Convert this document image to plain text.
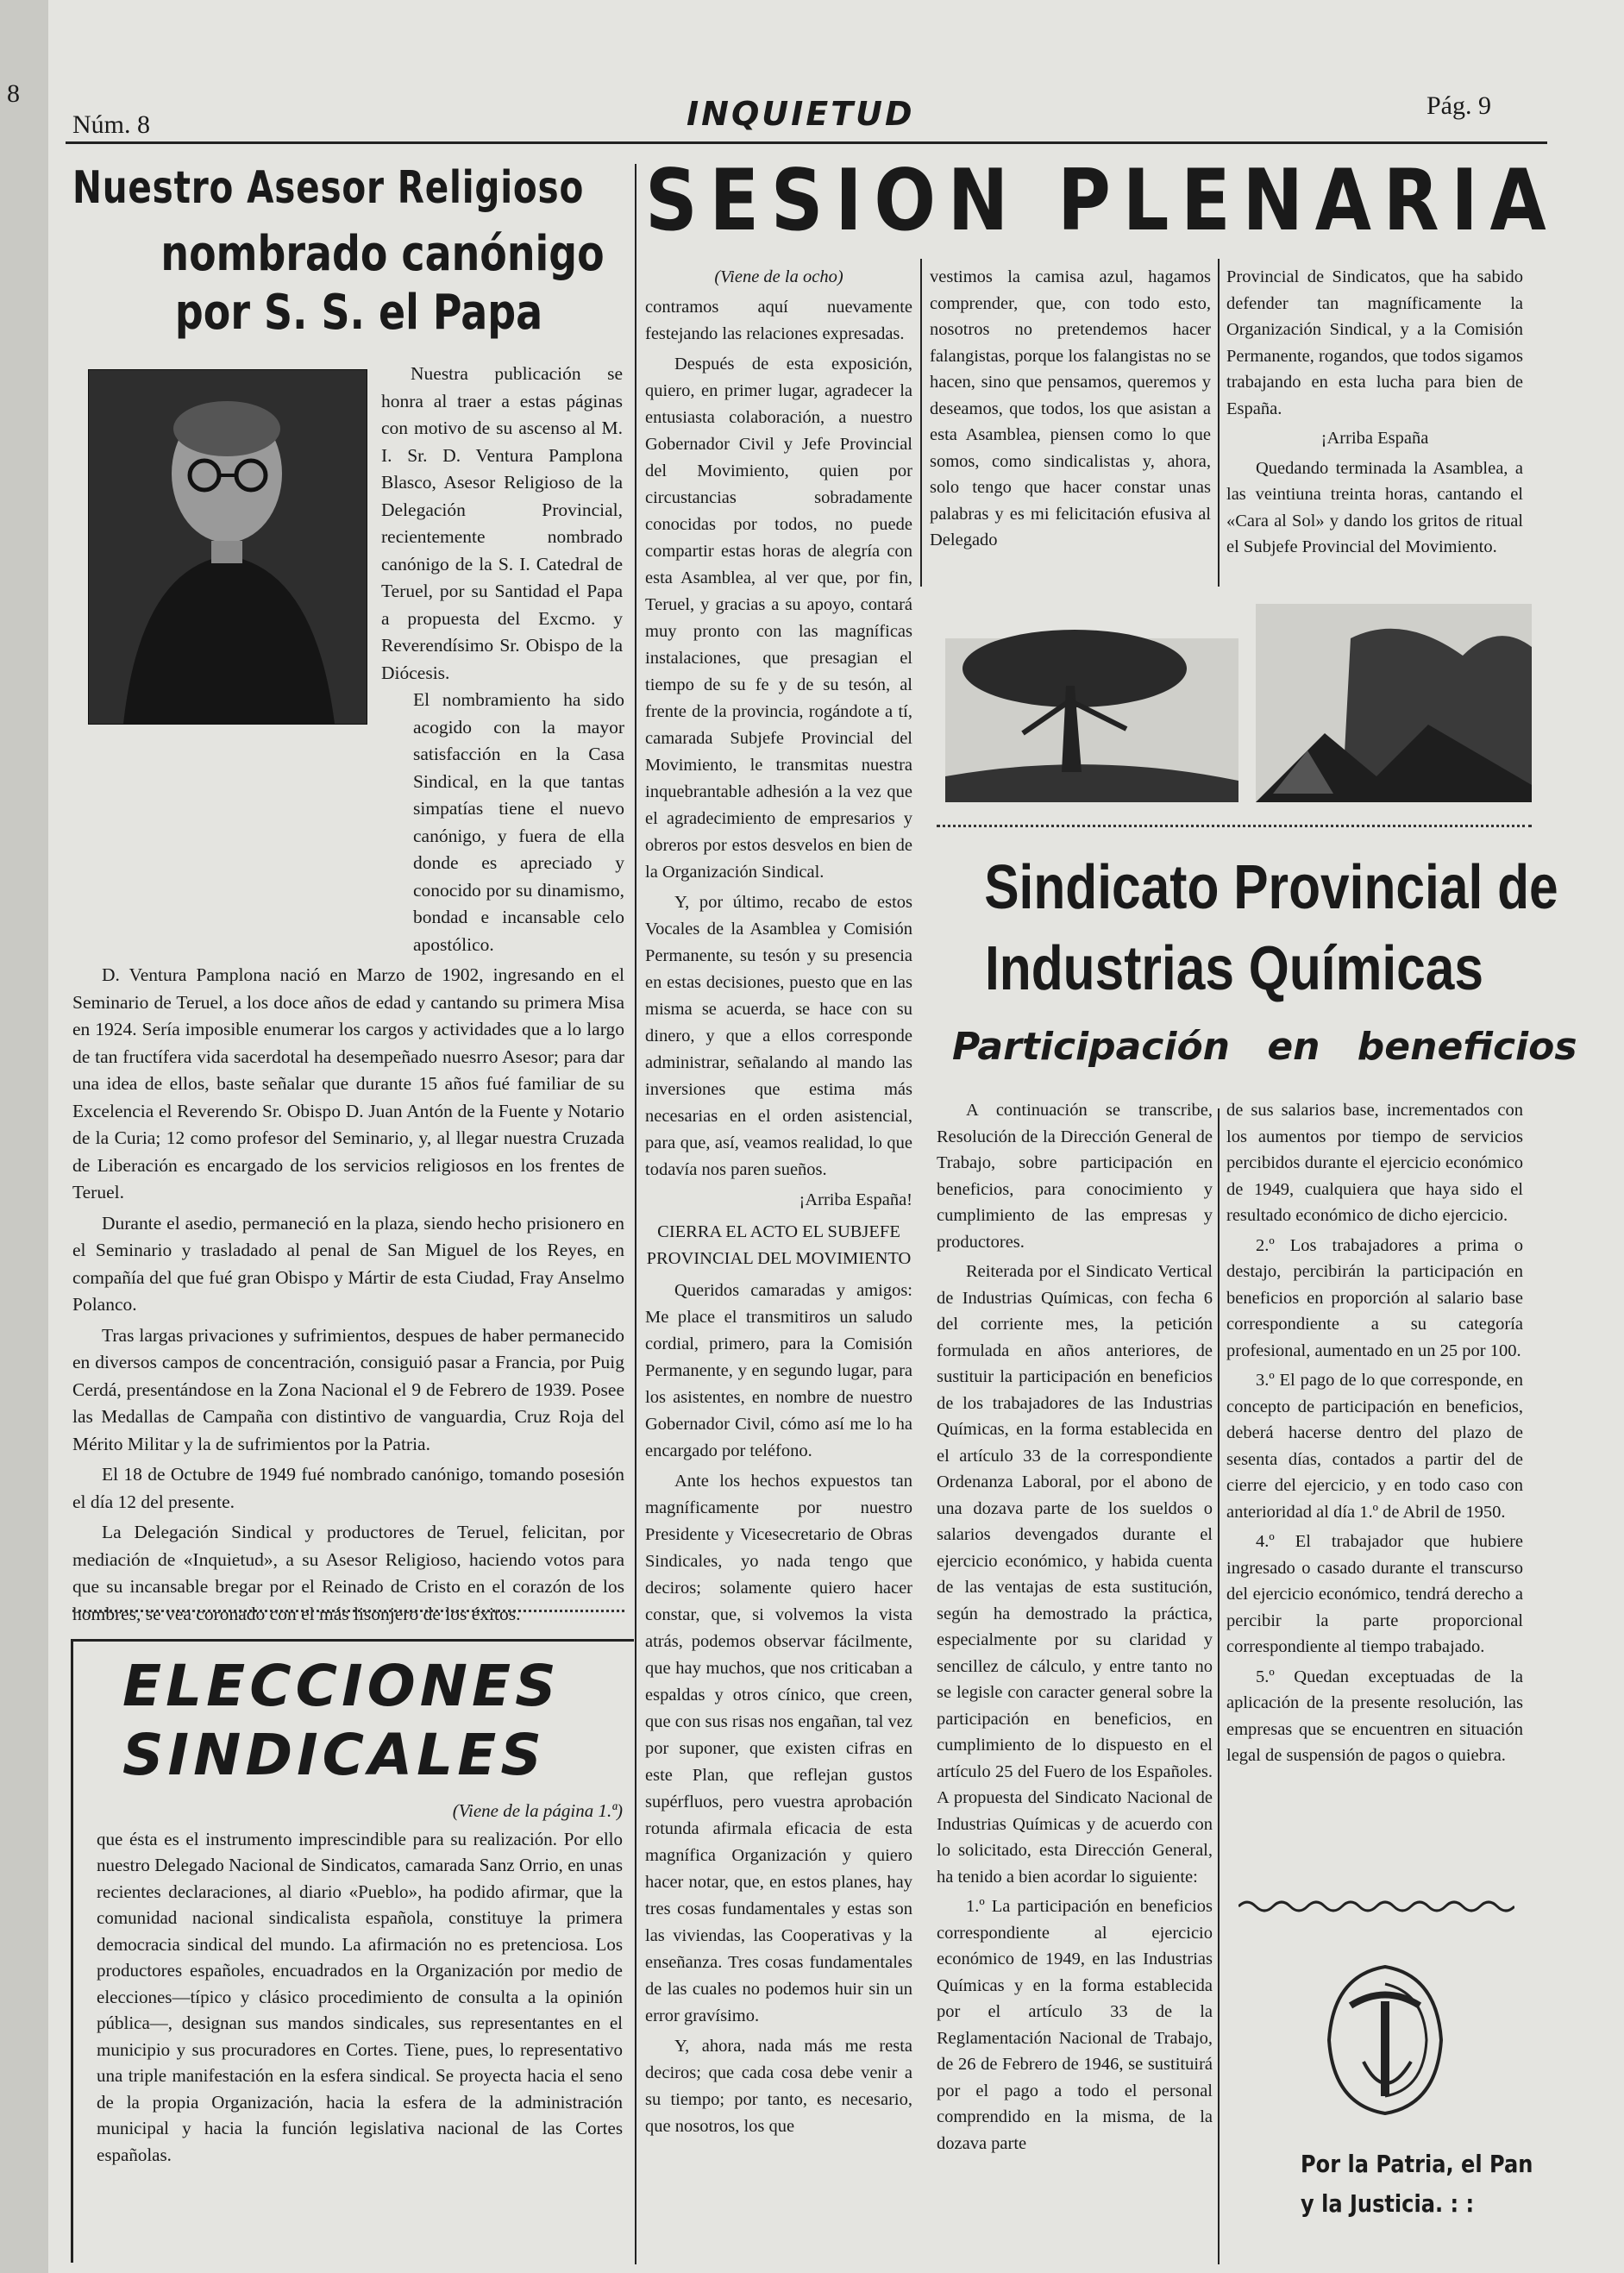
8
Núm. 8	INQUIETUD	Pág. 9
Nuestro Asesor Religioso
nombrado canónigo
por S. S. el Papa

Nuestra publicación se honra al traer a estas páginas con motivo de su ascenso al M. I. Sr. D. Ventura Pamplona Blasco, Asesor Religioso de la Delegación Provincial, recientemente nombrado canónigo de la S. I. Catedral de Teruel, por su Santidad el Papa a propuesta del Excmo. y Reverendísimo Sr. Obispo de la Diócesis.

El nombramiento ha sido acogido con la mayor satisfacción en la Casa Sindical, en la que tantas simpatías tiene el nuevo canónigo, y fuera de ella donde es apreciado y conocido por su dinamismo, bondad e incansable celo apostólico.

D. Ventura Pamplona nació en Marzo de 1902, ingresando en el Seminario de Teruel, a los doce años de edad y cantando su primera Misa en 1924. Sería imposible enumerar los cargos y actividades que a lo largo de tan fructífera vida sacerdotal ha desempeñado nuesrro Asesor; para dar una idea de ellos, baste señalar que durante 15 años fué familiar de su Excelencia el Reverendo Sr. Obispo D. Juan Antón de la Fuente y Notario de la Curia; 12 como profesor del Seminario, y, al llegar nuestra Cruzada de Liberación es encargado de los servicios religiosos en los frentes de Teruel.

Durante el asedio, permaneció en la plaza, siendo hecho prisionero en el Seminario y trasladado al penal de San Miguel de los Reyes, en compañía del que fué gran Obispo y Mártir de esta Ciudad, Fray Anselmo Polanco.

Tras largas privaciones y sufrimientos, despues de haber permanecido en diversos campos de concentración, consiguió pasar a Francia, por Puig Cerdá, presentándose en la Zona Nacional el 9 de Febrero de 1939. Posee las Medallas de Campaña con distintivo de vanguardia, Cruz Roja del Mérito Militar y la de sufrimientos por la Patria.

El 18 de Octubre de 1949 fué nombrado canónigo, tomando posesión el día 12 del presente.

La Delegación Sindical y productores de Teruel, felicitan, por mediación de «Inquietud», a su Asesor Religioso, haciendo votos para que su incansable bregar por el Reinado de Cristo en el corazón de los hombres, se vea coronado con el más lisonjero de los éxitos.

ELECCIONES
SINDICALES

(Viene de la página 1.ª)

que ésta es el instrumento imprescindible para su realización. Por ello nuestro Delegado Nacional de Sindicatos, camarada Sanz Orrio, en unas recientes declaraciones, al diario «Pueblo», ha podido afirmar, que la comunidad nacional sindicalista española, constituye la primera democracia sindical del mundo. La afirmación no es pretenciosa. Los productores españoles, encuadrados en la Organización por medio de elecciones—típico y clásico procedimiento de consulta a la opinión pública—, designan sus mandos sindicales, sus representantes en el municipio y sus procuradores en Cortes. Tiene, pues, lo representativo una triple manifestación en la esfera sindical. Se proyecta hacia el seno de la propia Organización, hacia la esfera de la administración municipal y hacia la función legislativa nacional de las Cortes españolas.

SESION PLENARIA

(Viene de la ocho)

contramos aquí nuevamente festejando las relaciones expresadas.

Después de esta exposición, quiero, en primer lugar, agradecer la entusiasta colaboración, a nuestro Gobernador Civil y Jefe Provincial del Movimiento, quien por circustancias sobradamente conocidas por todos, no puede compartir estas horas de alegría con esta Asamblea, al ver que, por fin, Teruel, y gracias a su apoyo, contará muy pronto con las magníficas instalaciones, que presagian el tiempo de su fe y de su tesón, al frente de la provincia, rogándote a tí, camarada Subjefe Provincial del Movimiento, le transmitas nuestra inquebrantable adhesión a la vez que el agradecimiento de empresarios y obreros por estos desvelos en bien de la Organización Sindical.

Y, por último, recabo de estos Vocales de la Asamblea y Comisión Permanente, su tesón y su presencia en estas decisiones, puesto que en las misma se acuerda, se hace con su dinero, y que a ellos corresponde administrar, señalando al mando las inversiones que estima más necesarias en el orden asistencial, para que, así, veamos realidad, lo que todavía nos paren sueños.

¡Arriba España!

CIERRA EL ACTO EL SUBJEFE PROVINCIAL DEL MOVIMIENTO

Queridos camaradas y amigos: Me place el transmitiros un saludo cordial, primero, para la Comisión Permanente, y en segundo lugar, para los asistentes, en nombre de nuestro Gobernador Civil, cómo así me lo ha encargado por teléfono.

Ante los hechos expuestos tan magníficamente por nuestro Presidente y Vicesecretario de Obras Sindicales, yo nada tengo que deciros; solamente quiero hacer constar, que, si volvemos la vista atrás, podemos observar fácilmente, que hay muchos, que nos criticaban a espaldas y otros cínico, que creen, que con sus risas nos engañan, tal vez por suponer, que existen cifras en este Plan, que reflejan gustos supérfluos, pero vuestra aprobación rotunda afirmala eficacia de esta magnífica Organización y quiero hacer notar, que, en estos planes, hay tres cosas fundamentales y estas son las viviendas, las Cooperativas y la enseñanza. Tres cosas fundamentales de las cuales no podemos huir sin un error gravísimo.

Y, ahora, nada más me resta deciros; que cada cosa debe venir a su tiempo; por tanto, es necesario, que nosotros, los que

vestimos la camisa azul, hagamos comprender, que, con todo esto, nosotros no pretendemos hacer falangistas, porque los falangistas no se hacen, sino que pensamos, queremos y deseamos, que todos, los que asistan a esta Asamblea, piensen como lo que somos, como sindicalistas y, ahora, solo tengo que hacer constar unas palabras y es mi felicitación efusiva al Delegado

Provincial de Sindicatos, que ha sabido defender tan magníficamente la Organización Sindical, y a la Comisión Permanente, rogandos, que todos sigamos trabajando en esta lucha para bien de España.

¡Arriba España

Quedando terminada la Asamblea, a las veintiuna treinta horas, cantando el «Cara al Sol» y dando los gritos de ritual el Subjefe Provincial del Movimiento.

Sindicato Provincial de
Industrias Químicas
Participación en beneficios

A continuación se transcribe, Resolución de la Dirección General de Trabajo, sobre participación en beneficios, para conocimiento y cumplimiento de las empresas y productores.

Reiterada por el Sindicato Vertical de Industrias Químicas, con fecha 6 del corriente mes, la petición formulada en años anteriores, de sustituir la participación en beneficios de los trabajadores de las Industrias Químicas, en la forma establecida en el artículo 33 de la correspondiente Ordenanza Laboral, por el abono de una dozava parte de los sueldos o salarios devengados durante el ejercicio económico, y habida cuenta de las ventajas de esta sustitución, según ha demostrado la práctica, especialmente por su claridad y sencillez de cálculo, y entre tanto no se legisle con caracter general sobre la participación en beneficios, en cumplimiento de lo dispuesto en el artículo 25 del Fuero de los Españoles. A propuesta del Sindicato Nacional de Industrias Químicas y de acuerdo con lo solicitado, esta Dirección General, ha tenido a bien acordar lo siguiente:

1.º La participación en beneficios correspondiente al ejercicio económico de 1949, en las Industrias Químicas y en la forma establecida por el artículo 33 de la Reglamentación Nacional de Trabajo, de 26 de Febrero de 1946, se sustituirá por el pago a todo el personal comprendido en la misma, de la dozava parte

de sus salarios base, incrementados con los aumentos por tiempo de servicios percibidos durante el ejercicio económico de 1949, cualquiera que haya sido el resultado económico de dicho ejercicio.

2.º Los trabajadores a prima o destajo, percibirán la participación en beneficios en proporción al salario base correspondiente a su categoría profesional, aumentado en un 25 por 100.

3.º El pago de lo que corresponde, en concepto de participación en beneficios, deberá hacerse dentro del plazo de sesenta días, contados a partir del de cierre del ejercicio, y en todo caso con anterioridad al día 1.º de Abril de 1950.

4.º El trabajador que hubiere ingresado o casado durante el transcurso del ejercicio económico, tendrá derecho a percibir la parte proporcional correspondiente al tiempo trabajado.

5.º Quedan exceptuadas de la aplicación de la presente resolución, las empresas que se encuentren en situación legal de suspensión de pagos o quiebra.

Por la Patria, el Pan
y la Justicia. : :
